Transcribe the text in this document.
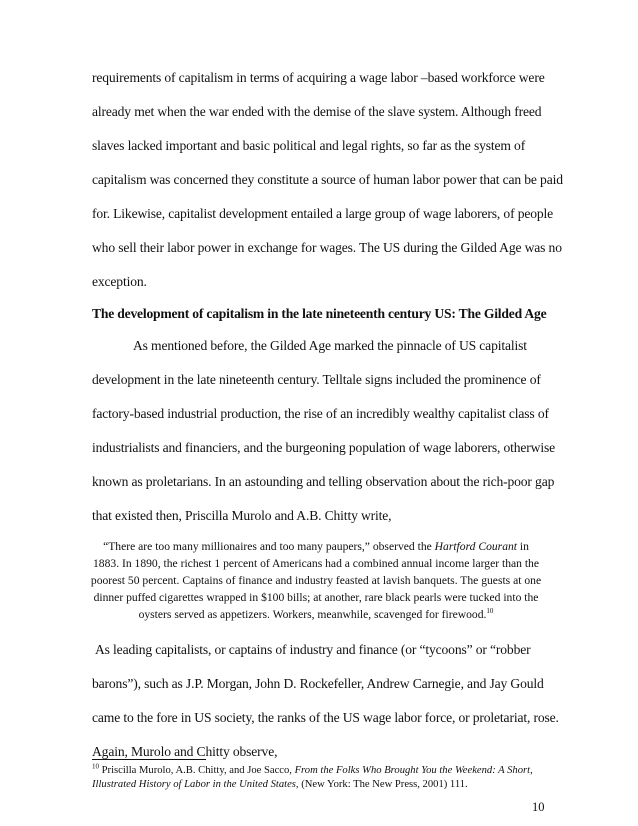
requirements of capitalism in terms of acquiring a wage labor –based workforce were
already met when the war ended with the demise of the slave system. Although freed
slaves lacked important and basic political and legal rights, so far as the system of
capitalism was concerned they constitute a source of human labor power that can be paid
for. Likewise, capitalist development entailed a large group of wage laborers, of people
who sell their labor power in exchange for wages. The US during the Gilded Age was no
exception.
The development of capitalism in the late nineteenth century US: The Gilded Age
As mentioned before, the Gilded Age marked the pinnacle of US capitalist
development in the late nineteenth century. Telltale signs included the prominence of
factory-based industrial production, the rise of an incredibly wealthy capitalist class of
industrialists and financiers, and the burgeoning population of wage laborers, otherwise
known as proletarians. In an astounding and telling observation about the rich-poor gap
that existed then, Priscilla Murolo and A.B. Chitty write,
“There are too many millionaires and too many paupers,” observed the Hartford Courant in
1883. In 1890, the richest 1 percent of Americans had a combined annual income larger than the
poorest 50 percent. Captains of finance and industry feasted at lavish banquets. The guests at one
dinner puffed cigarettes wrapped in $100 bills; at another, rare black pearls were tucked into the
oysters served as appetizers. Workers, meanwhile, scavenged for firewood.$^{10}$
As leading capitalists, or captains of industry and finance (or “tycoons” or “robber
barons”), such as J.P. Morgan, John D. Rockefeller, Andrew Carnegie, and Jay Gould
came to the fore in US society, the ranks of the US wage labor force, or proletariat, rose.
Again, Murolo and Chitty observe,
$^{10}$ Priscilla Murolo, A.B. Chitty, and Joe Sacco, From the Folks Who Brought You the Weekend: A Short,
Illustrated History of Labor in the United States, (New York: The New Press, 2001) 111.
10
